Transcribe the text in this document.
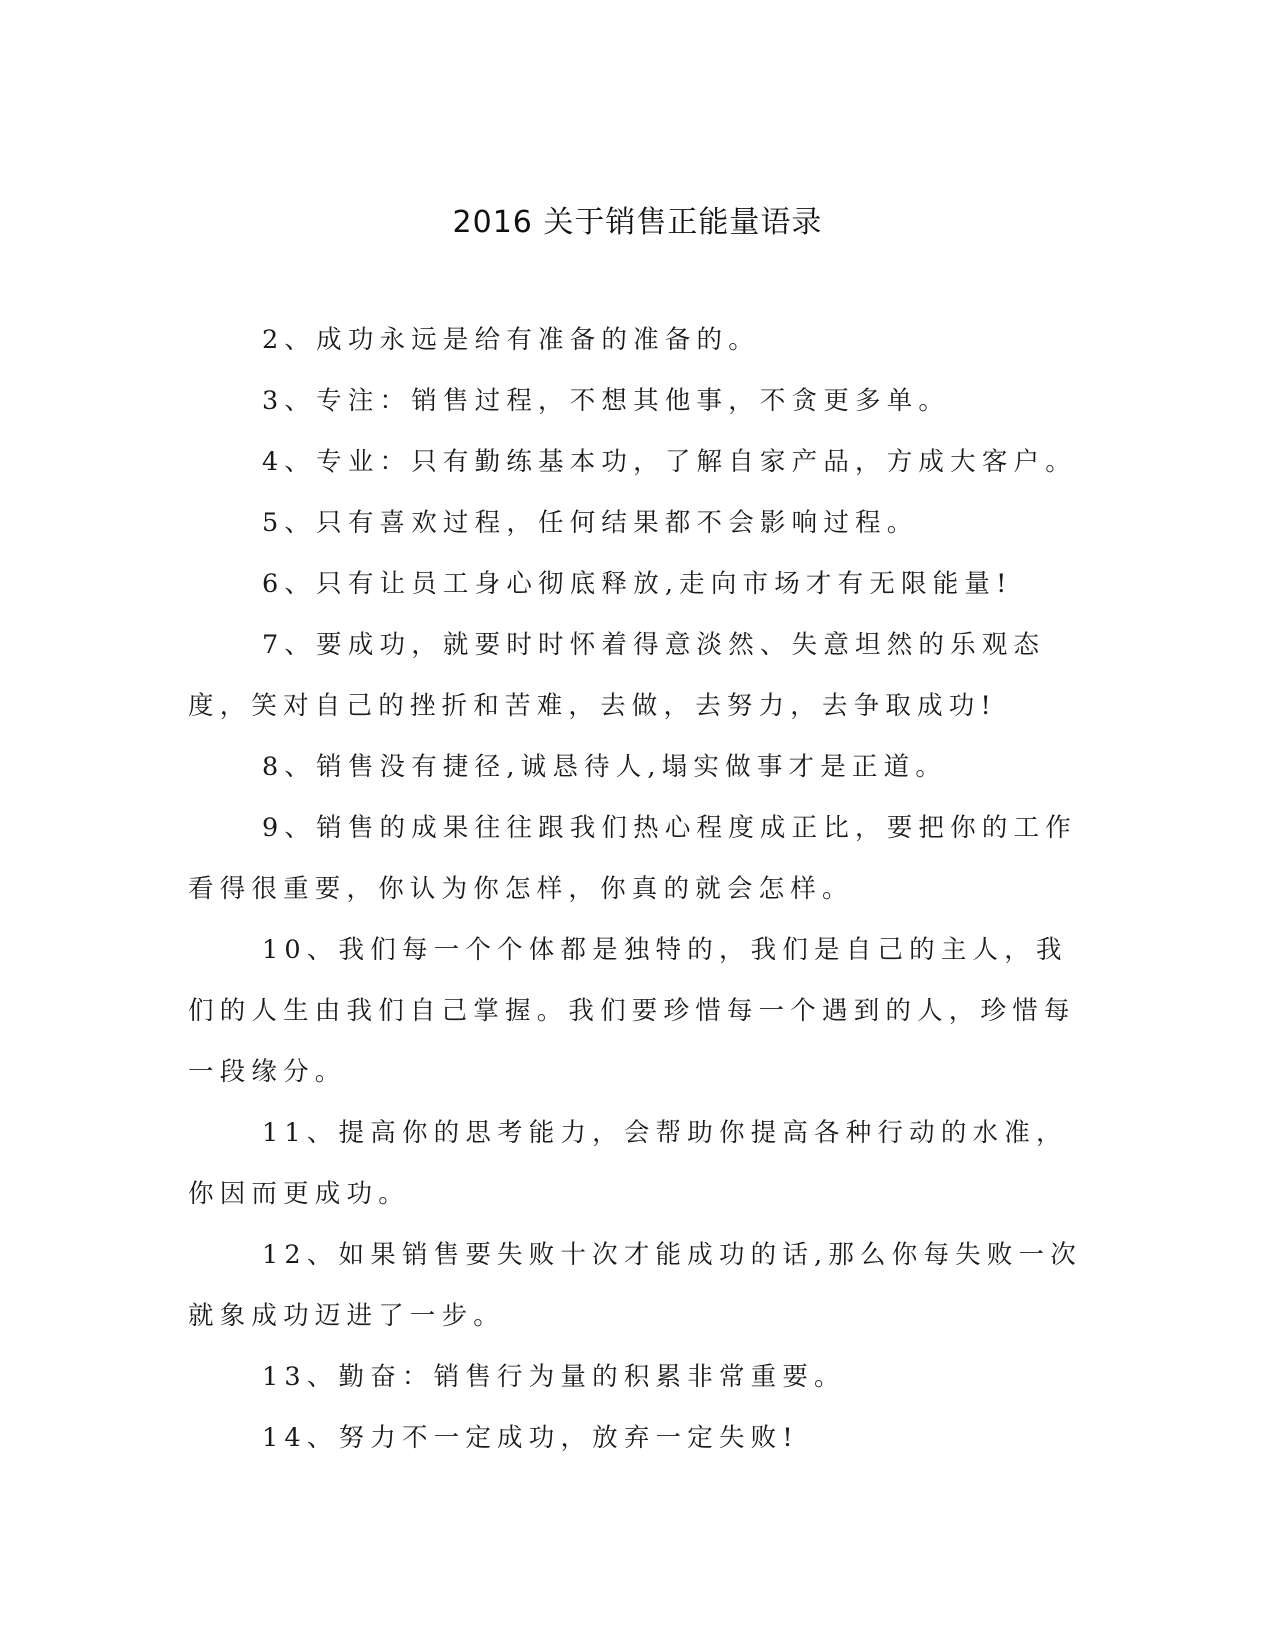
2016 关于销售正能量语录

2、成功永远是给有准备的准备的。

3、专注：销售过程，不想其他事，不贪更多单。

4、专业：只有勤练基本功，了解自家产品，方成大客户。

5、只有喜欢过程，任何结果都不会影响过程。

6、只有让员工身心彻底释放,走向市场才有无限能量!

7、要成功，就要时时怀着得意淡然、失意坦然的乐观态度，笑对自己的挫折和苦难，去做，去努力，去争取成功!

8、销售没有捷径,诚恳待人,塌实做事才是正道。

9、销售的成果往往跟我们热心程度成正比，要把你的工作看得很重要，你认为你怎样，你真的就会怎样。

10、我们每一个个体都是独特的，我们是自己的主人，我们的人生由我们自己掌握。我们要珍惜每一个遇到的人，珍惜每一段缘分。

11、提高你的思考能力，会帮助你提高各种行动的水准，你因而更成功。

12、如果销售要失败十次才能成功的话,那么你每失败一次就象成功迈进了一步。

13、勤奋：销售行为量的积累非常重要。

14、努力不一定成功，放弃一定失败!
